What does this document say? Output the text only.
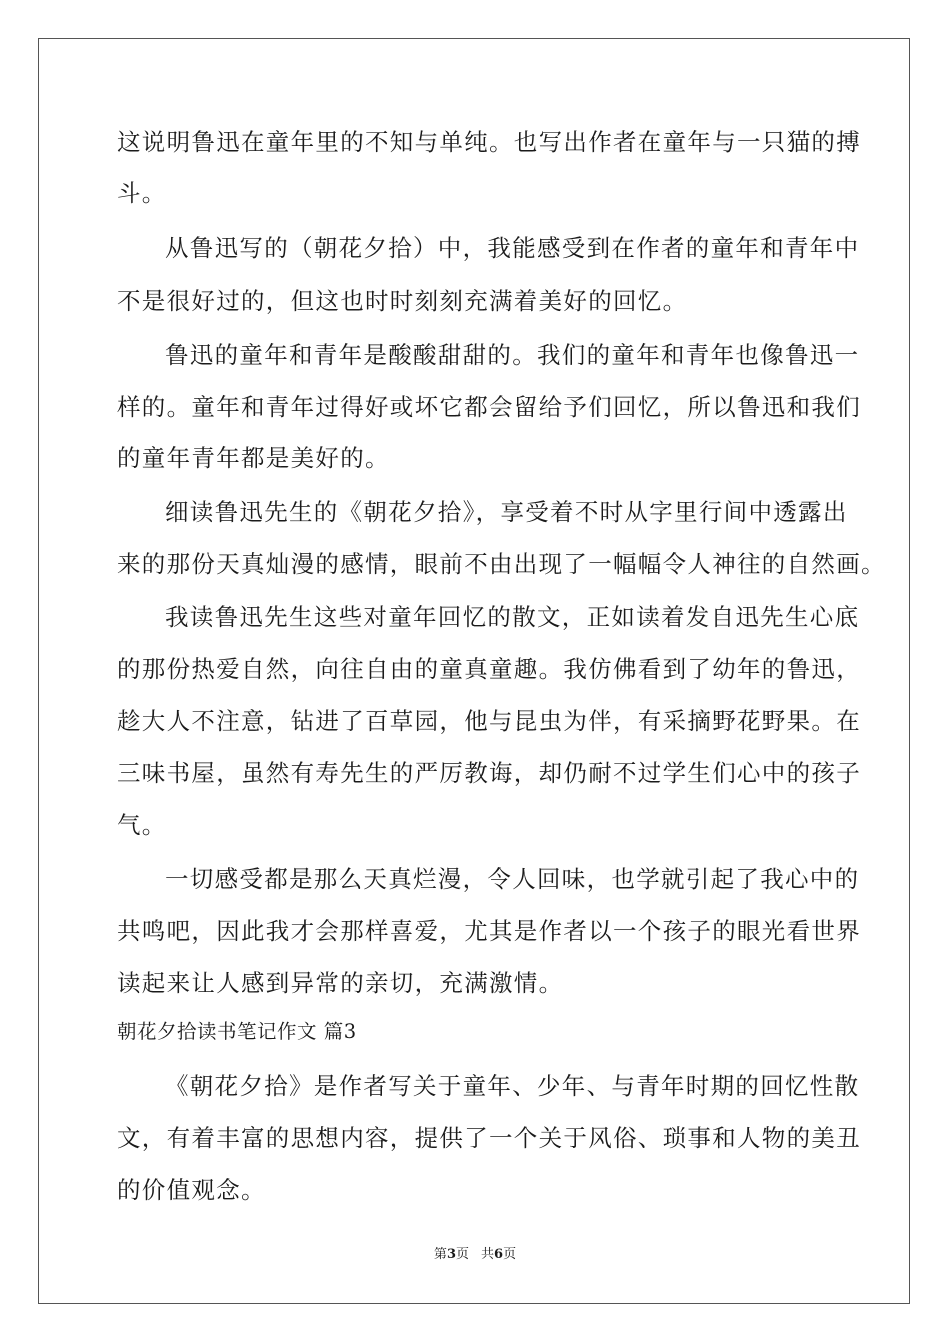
这说明鲁迅在童年里的不知与单纯。也写出作者在童年与一只猫的搏
斗。
从鲁迅写的（朝花夕拾）中，我能感受到在作者的童年和青年中
不是很好过的，但这也时时刻刻充满着美好的回忆。
鲁迅的童年和青年是酸酸甜甜的。我们的童年和青年也像鲁迅一
样的。童年和青年过得好或坏它都会留给予们回忆，所以鲁迅和我们
的童年青年都是美好的。
细读鲁迅先生的《朝花夕拾》，享受着不时从字里行间中透露出
来的那份天真灿漫的感情，眼前不由出现了一幅幅令人神往的自然画。
我读鲁迅先生这些对童年回忆的散文，正如读着发自迅先生心底
的那份热爱自然，向往自由的童真童趣。我仿佛看到了幼年的鲁迅，
趁大人不注意，钻进了百草园，他与昆虫为伴，有采摘野花野果。在
三味书屋，虽然有寿先生的严厉教诲，却仍耐不过学生们心中的孩子
气。
一切感受都是那么天真烂漫，令人回味，也学就引起了我心中的
共鸣吧，因此我才会那样喜爱，尤其是作者以一个孩子的眼光看世界
读起来让人感到异常的亲切，充满激情。
朝花夕拾读书笔记作文 篇3
《朝花夕拾》是作者写关于童年、少年、与青年时期的回忆性散
文，有着丰富的思想内容，提供了一个关于风俗、琐事和人物的美丑
的价值观念。
第3页 共6页
